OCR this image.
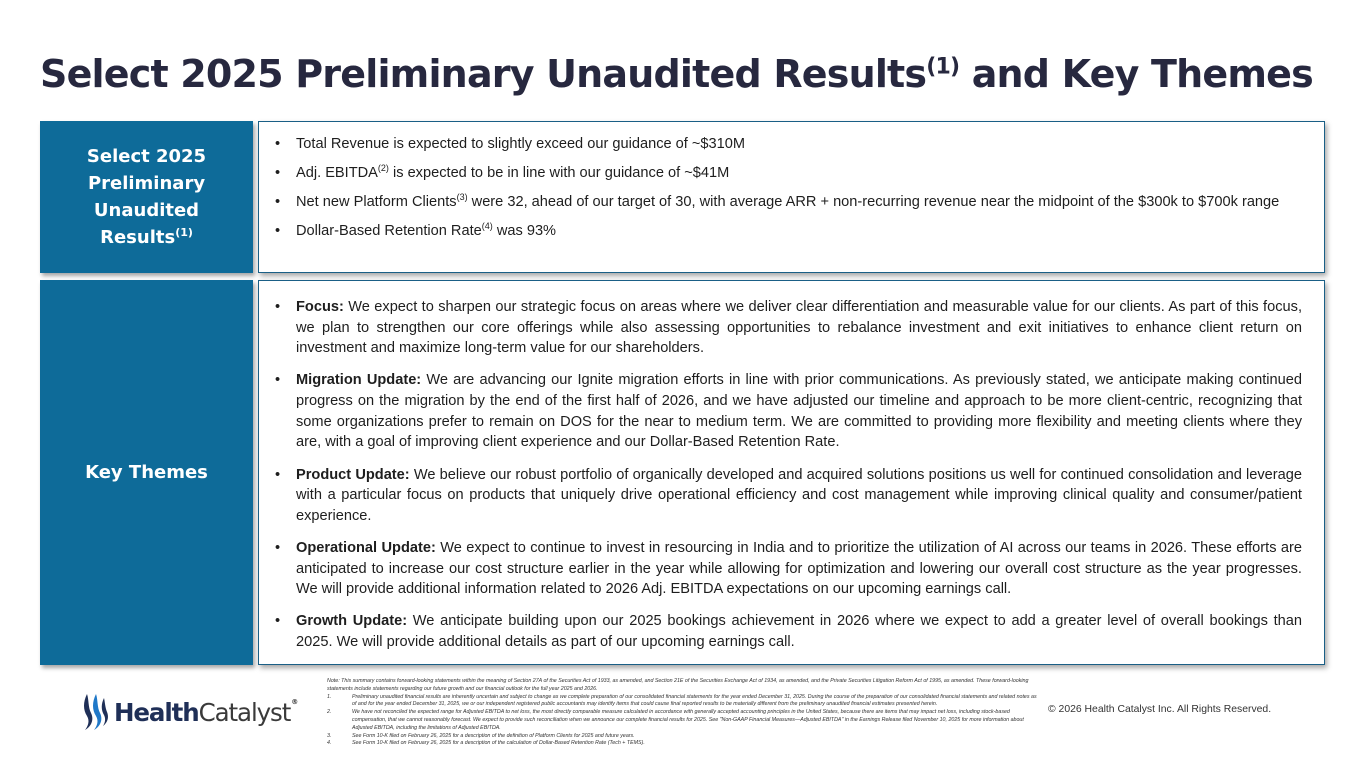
Select 2025 Preliminary Unaudited Results$^{(1)}$ and Key Themes
Select 2025
Preliminary
Unaudited Results$^{(1)}$
• Total Revenue is expected to slightly exceed our guidance of ~$310M
• Adj. EBITDA$^{(2)}$ is expected to be in line with our guidance of ~$41M
• Net new Platform Clients$^{(3)}$ were 32, ahead of our target of 30, with average ARR + non-recurring revenue near the midpoint of the $300k to $700k range
• Dollar-Based Retention Rate$^{(4)}$ was 93%
Key Themes
• Focus: We expect to sharpen our strategic focus on areas where we deliver clear differentiation and measurable value for our clients. As part of this focus, we plan to strengthen our core offerings while also assessing opportunities to rebalance investment and exit initiatives to enhance client return on investment and maximize long-term value for our shareholders.
• Migration Update: We are advancing our Ignite migration efforts in line with prior communications. As previously stated, we anticipate making continued progress on the migration by the end of the first half of 2026, and we have adjusted our timeline and approach to be more client-centric, recognizing that some organizations prefer to remain on DOS for the near to medium term. We are committed to providing more flexibility and meeting clients where they are, with a goal of improving client experience and our Dollar-Based Retention Rate.
• Product Update: We believe our robust portfolio of organically developed and acquired solutions positions us well for continued consolidation and leverage with a particular focus on products that uniquely drive operational efficiency and cost management while improving clinical quality and consumer/patient experience.
• Operational Update: We expect to continue to invest in resourcing in India and to prioritize the utilization of AI across our teams in 2026. These efforts are anticipated to increase our cost structure earlier in the year while allowing for optimization and lowering our overall cost structure as the year progresses. We will provide additional information related to 2026 Adj. EBITDA expectations on our upcoming earnings call.
• Growth Update: We anticipate building upon our 2025 bookings achievement in 2026 where we expect to add a greater level of overall bookings than 2025. We will provide additional details as part of our upcoming earnings call.
HealthCatalyst®
Note: This summary contains forward-looking statements within the meaning of Section 27A of the Securities Act of 1933, as amended, and Section 21E of the Securities Exchange Act of 1934, as amended, and the Private Securities Litigation Reform Act of 1995, as amended. These forward-looking statements include statements regarding our future growth and our financial outlook for the full year 2025 and 2026.
1.	Preliminary unaudited financial results are inherently uncertain and subject to change as we complete preparation of our consolidated financial statements for the year ended December 31, 2025. During the course of the preparation of our consolidated financial statements and related notes as of and for the year ended December 31, 2025, we or our independent registered public accountants may identify items that could cause final reported results to be materially different from the preliminary unaudited financial estimates presented herein.
2.	We have not reconciled the expected range for Adjusted EBITDA to net loss, the most directly comparable measure calculated in accordance with generally accepted accounting principles in the United States, because there are items that may impact net loss, including stock-based compensation, that we cannot reasonably forecast. We expect to provide such reconciliation when we announce our complete financial results for 2025. See "Non-GAAP Financial Measures—Adjusted EBITDA" in the Earnings Release filed November 10, 2025 for more information about Adjusted EBITDA, including the limitations of Adjusted EBITDA.
3.	See Form 10-K filed on February 26, 2025 for a description of the definition of Platform Clients for 2025 and future years.
4.	See Form 10-K filed on February 26, 2025 for a description of the calculation of Dollar-Based Retention Rate (Tech + TEMS).
© 2026 Health Catalyst Inc. All Rights Reserved.
